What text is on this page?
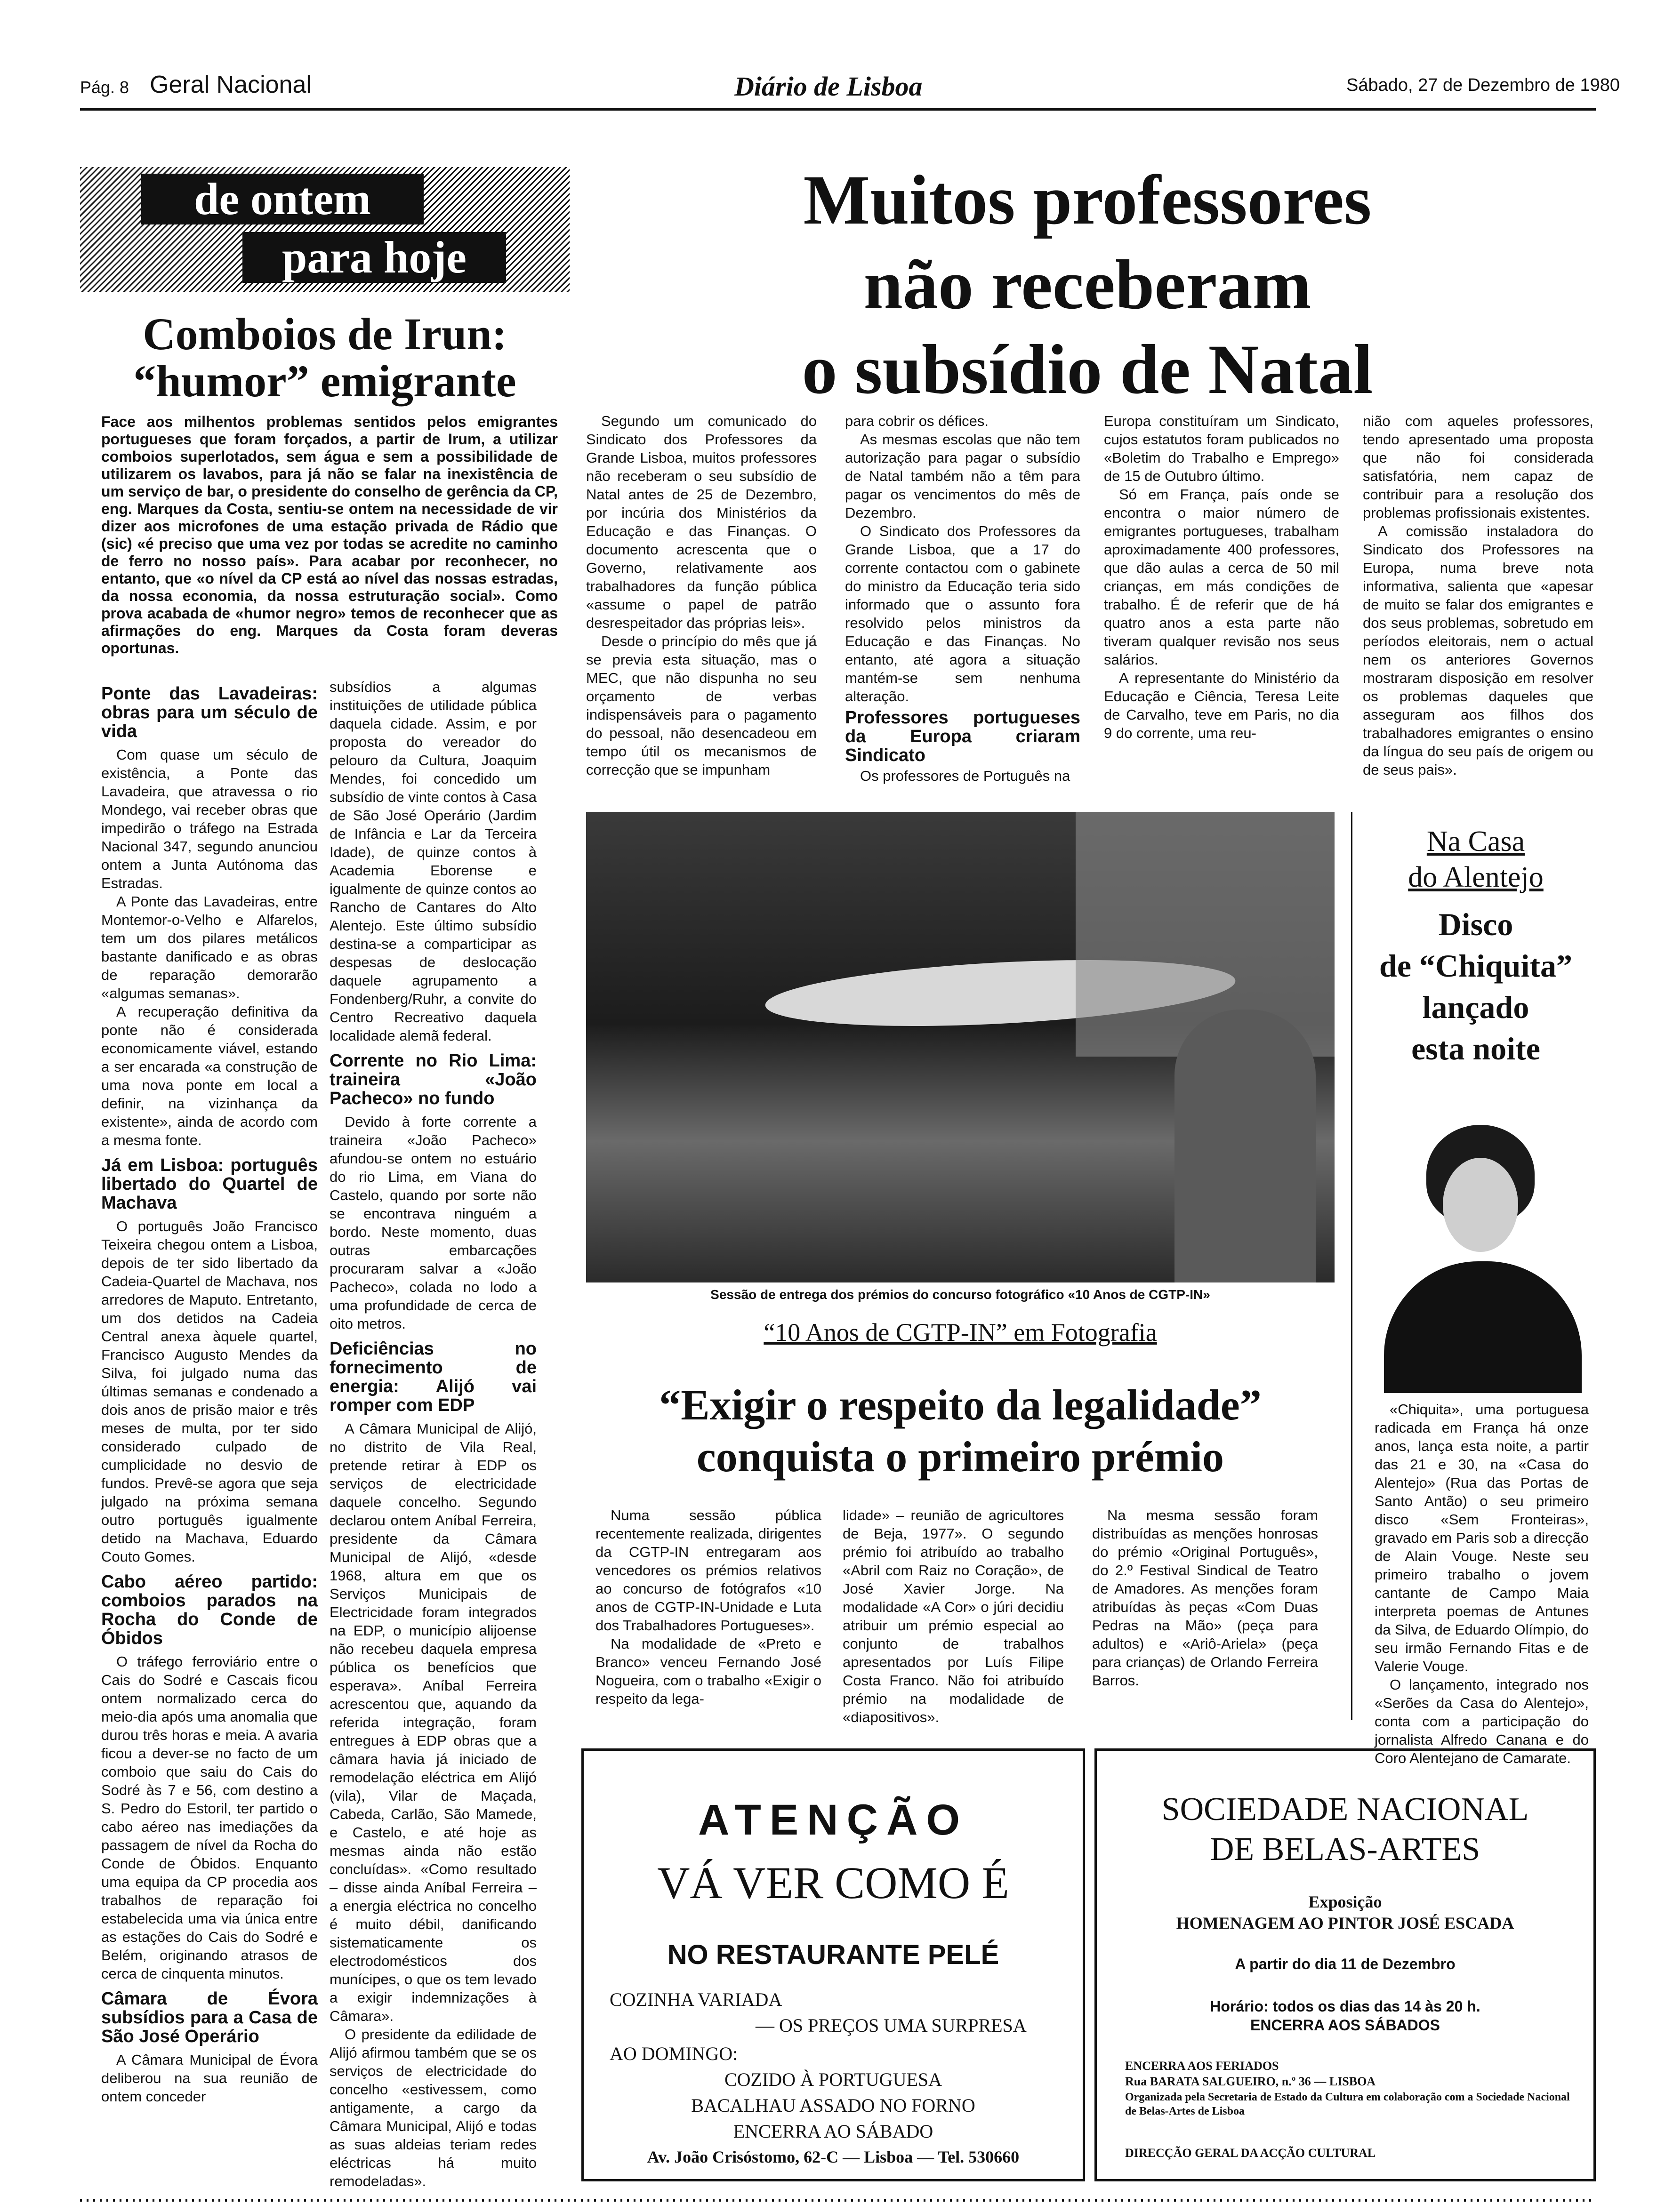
Pág. 8 Geral Nacional	Diário de Lisboa	Sábado, 27 de Dezembro de 1980
de ontem
para hoje
Comboios de Irun:
“humor” emigrante
Face aos milhentos problemas sentidos pelos emigrantes portugueses que foram forçados, a partir de Irum, a utilizar comboios superlotados, sem água e sem a possibilidade de utilizarem os lavabos, para já não se falar na inexistência de um serviço de bar, o presidente do conselho de gerência da CP, eng. Marques da Costa, sentiu-se ontem na necessidade de vir dizer aos microfones de uma estação privada de Rádio que (sic) «é preciso que uma vez por todas se acredite no caminho de ferro no nosso país». Para acabar por reconhecer, no entanto, que «o nível da CP está ao nível das nossas estradas, da nossa economia, da nossa estruturação social». Como prova acabada de «humor negro» temos de reconhecer que as afirmações do eng. Marques da Costa foram deveras oportunas.
Ponte das Lavadeiras: obras para um século de vida

Com quase um século de existência, a Ponte das Lavadeira, que atravessa o rio Mondego, vai receber obras que impedirão o tráfego na Estrada Nacional 347, segundo anunciou ontem a Junta Autónoma das Estradas.

A Ponte das Lavadeiras, entre Montemor-o-Velho e Alfarelos, tem um dos pilares metálicos bastante danificado e as obras de reparação demorarão «algumas semanas».

A recuperação definitiva da ponte não é considerada economicamente viável, estando a ser encarada «a construção de uma nova ponte em local a definir, na vizinhança da existente», ainda de acordo com a mesma fonte.

Já em Lisboa: português libertado do Quartel de Machava

O português João Francisco Teixeira chegou ontem a Lisboa, depois de ter sido libertado da Cadeia-Quartel de Machava, nos arredores de Maputo. Entretanto, um dos detidos na Cadeia Central anexa àquele quartel, Francisco Augusto Mendes da Silva, foi julgado numa das últimas semanas e condenado a dois anos de prisão maior e três meses de multa, por ter sido considerado culpado de cumplicidade no desvio de fundos. Prevê-se agora que seja julgado na próxima semana outro português igualmente detido na Machava, Eduardo Couto Gomes.

Cabo aéreo partido: comboios parados na Rocha do Conde de Óbidos

O tráfego ferroviário entre o Cais do Sodré e Cascais ficou ontem normalizado cerca do meio-dia após uma anomalia que durou três horas e meia. A avaria ficou a dever-se no facto de um comboio que saiu do Cais do Sodré às 7 e 56, com destino a S. Pedro do Estoril, ter partido o cabo aéreo nas imediações da passagem de nível da Rocha do Conde de Óbidos. Enquanto uma equipa da CP procedia aos trabalhos de reparação foi estabelecida uma via única entre as estações do Cais do Sodré e Belém, originando atrasos de cerca de cinquenta minutos.

Câmara de Évora subsídios para a Casa de São José Operário

A Câmara Municipal de Évora deliberou na sua reunião de ontem conceder

subsídios a algumas instituições de utilidade pública daquela cidade. Assim, e por proposta do vereador do pelouro da Cultura, Joaquim Mendes, foi concedido um subsídio de vinte contos à Casa de São José Operário (Jardim de Infância e Lar da Terceira Idade), de quinze contos à Academia Eborense e igualmente de quinze contos ao Rancho de Cantares do Alto Alentejo. Este último subsídio destina-se a comparticipar as despesas de deslocação daquele agrupamento a Fondenberg/Ruhr, a convite do Centro Recreativo daquela localidade alemã federal.

Corrente no Rio Lima: traineira «João Pacheco» no fundo

Devido à forte corrente a traineira «João Pacheco» afundou-se ontem no estuário do rio Lima, em Viana do Castelo, quando por sorte não se encontrava ninguém a bordo. Neste momento, duas outras embarcações procuraram salvar a «João Pacheco», colada no lodo a uma profundidade de cerca de oito metros.

Deficiências no fornecimento de energia: Alijó vai romper com EDP

A Câmara Municipal de Alijó, no distrito de Vila Real, pretende retirar à EDP os serviços de electricidade daquele concelho. Segundo declarou ontem Aníbal Ferreira, presidente da Câmara Municipal de Alijó, «desde 1968, altura em que os Serviços Municipais de Electricidade foram integrados na EDP, o município alijoense não recebeu daquela empresa pública os benefícios que esperava». Aníbal Ferreira acrescentou que, aquando da referida integração, foram entregues à EDP obras que a câmara havia já iniciado de remodelação eléctrica em Alijó (vila), Vilar de Maçada, Cabeda, Carlão, São Mamede, e Castelo, e até hoje as mesmas ainda não estão concluídas». «Como resultado – disse ainda Aníbal Ferreira – a energia eléctrica no concelho é muito débil, danificando sistematicamente os electrodomésticos dos munícipes, o que os tem levado a exigir indemnizações à Câmara».

O presidente da edilidade de Alijó afirmou também que se os serviços de electricidade do concelho «estivessem, como antigamente, a cargo da Câmara Municipal, Alijó e todas as suas aldeias teriam redes eléctricas há muito remodeladas».

Muitos professores
não receberam
o subsídio de Natal

Segundo um comunicado do Sindicato dos Professores da Grande Lisboa, muitos professores não receberam o seu subsídio de Natal antes de 25 de Dezembro, por incúria dos Ministérios da Educação e das Finanças. O documento acrescenta que o Governo, relativamente aos trabalhadores da função pública «assume o papel de patrão desrespeitador das próprias leis».

Desde o princípio do mês que já se previa esta situação, mas o MEC, que não dispunha no seu orçamento de verbas indispensáveis para o pagamento do pessoal, não desencadeou em tempo útil os mecanismos de correcção que se impunham

para cobrir os défices.

As mesmas escolas que não tem autorização para pagar o subsídio de Natal também não a têm para pagar os vencimentos do mês de Dezembro.

O Sindicato dos Professores da Grande Lisboa, que a 17 do corrente contactou com o gabinete do ministro da Educação teria sido informado que o assunto fora resolvido pelos ministros da Educação e das Finanças. No entanto, até agora a situação mantém-se sem nenhuma alteração.

Professores portugueses da Europa criaram Sindicato

Os professores de Português na

Europa constituíram um Sindicato, cujos estatutos foram publicados no «Boletim do Trabalho e Emprego» de 15 de Outubro último.

Só em França, país onde se encontra o maior número de emigrantes portugueses, trabalham aproximadamente 400 professores, que dão aulas a cerca de 50 mil crianças, em más condições de trabalho. É de referir que de há quatro anos a esta parte não tiveram qualquer revisão nos seus salários.

A representante do Ministério da Educação e Ciência, Teresa Leite de Carvalho, teve em Paris, no dia 9 do corrente, uma reu-

nião com aqueles professores, tendo apresentado uma proposta que não foi considerada satisfatória, nem capaz de contribuir para a resolução dos problemas profissionais existentes.

A comissão instaladora do Sindicato dos Professores na Europa, numa breve nota informativa, salienta que «apesar de muito se falar dos emigrantes e dos seus problemas, sobretudo em períodos eleitorais, nem o actual nem os anteriores Governos mostraram disposição em resolver os problemas daqueles que asseguram aos filhos dos trabalhadores emigrantes o ensino da língua do seu país de origem ou de seus pais».

Sessão de entrega dos prémios do concurso fotográfico «10 Anos de CGTP-IN»
“10 Anos de CGTP-IN” em Fotografia
“Exigir o respeito da legalidade”
conquista o primeiro prémio

Numa sessão pública recentemente realizada, dirigentes da CGTP-IN entregaram aos vencedores os prémios relativos ao concurso de fotógrafos «10 anos de CGTP-IN-Unidade e Luta dos Trabalhadores Portugueses».

Na modalidade de «Preto e Branco» venceu Fernando José Nogueira, com o trabalho «Exigir o respeito da lega-

lidade» – reunião de agricultores de Beja, 1977». O segundo prémio foi atribuído ao trabalho «Abril com Raiz no Coração», de José Xavier Jorge. Na modalidade «A Cor» o júri decidiu atribuir um prémio especial ao conjunto de trabalhos apresentados por Luís Filipe Costa Franco. Não foi atribuído prémio na modalidade de «diapositivos».

Na mesma sessão foram distribuídas as menções honrosas do prémio «Original Português», do 2.º Festival Sindical de Teatro de Amadores. As menções foram atribuídas às peças «Com Duas Pedras na Mão» (peça para adultos) e «Ariô-Ariela» (peça para crianças) de Orlando Ferreira Barros.

Na Casa
do Alentejo
Disco
de “Chiquita”
lançado
esta noite

«Chiquita», uma portuguesa radicada em França há onze anos, lança esta noite, a partir das 21 e 30, na «Casa do Alentejo» (Rua das Portas de Santo Antão) o seu primeiro disco «Sem Fronteiras», gravado em Paris sob a direcção de Alain Vouge. Neste seu primeiro trabalho o jovem cantante de Campo Maia interpreta poemas de Antunes da Silva, de Eduardo Olímpio, do seu irmão Fernando Fitas e de Valerie Vouge.

O lançamento, integrado nos «Serões da Casa do Alentejo», conta com a participação do jornalista Alfredo Canana e do Coro Alentejano de Camarate.

ATENÇÃO
VÁ VER COMO É
NO RESTAURANTE PELÉ
COZINHA VARIADA
— OS PREÇOS UMA SURPRESA
AO DOMINGO:
COZIDO À PORTUGUESA
BACALHAU ASSADO NO FORNO
ENCERRA AO SÁBADO
Av. João Crisóstomo, 62-C — Lisboa — Tel. 530660
SOCIEDADE NACIONAL
DE BELAS-ARTES
Exposição
HOMENAGEM AO PINTOR JOSÉ ESCADA
A partir do dia 11 de Dezembro
Horário: todos os dias das 14 às 20 h.
ENCERRA AOS SÁBADOS
ENCERRA AOS FERIADOS
Rua BARATA SALGUEIRO, n.º 36 — LISBOA
Organizada pela Secretaria de Estado da Cultura em colaboração com a Sociedade Nacional de Belas-Artes de Lisboa
DIRECÇÃO GERAL DA ACÇÃO CULTURAL
